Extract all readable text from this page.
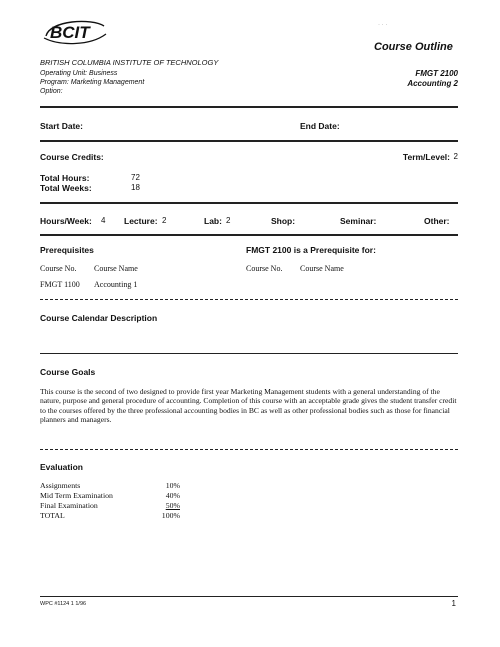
BCIT	· · ·
Course Outline
BRITISH COLUMBIA INSTITUTE OF TECHNOLOGY
Operating Unit: Business
Program: Marketing Management
Option:
FMGT 2100
Accounting 2
Start Date:	End Date:
Course Credits:	Term/Level: 2
Total Hours:	72
Total Weeks:	18
Hours/Week: 4 Lecture: 2	Lab: 2	Shop:	Seminar:	Other:
Prerequisites	FMGT 2100 is a Prerequisite for:
Course No. Course Name	Course No. Course Name
FMGT 1100 Accounting 1
Course Calendar Description
Course Goals
This course is the second of two designed to provide first year Marketing Management students with a general understanding of the nature, purpose and general procedure of accounting. Completion of this course with an acceptable grade gives the student transfer credit to the courses offered by the three professional accounting bodies in BC as well as other professional bodies such as those for financial planners and managers.
Evaluation
Assignments	10%
Mid Term Examination	40%
Final Examination	50%
TOTAL	100%
WPC #1124 1 1/96	1
